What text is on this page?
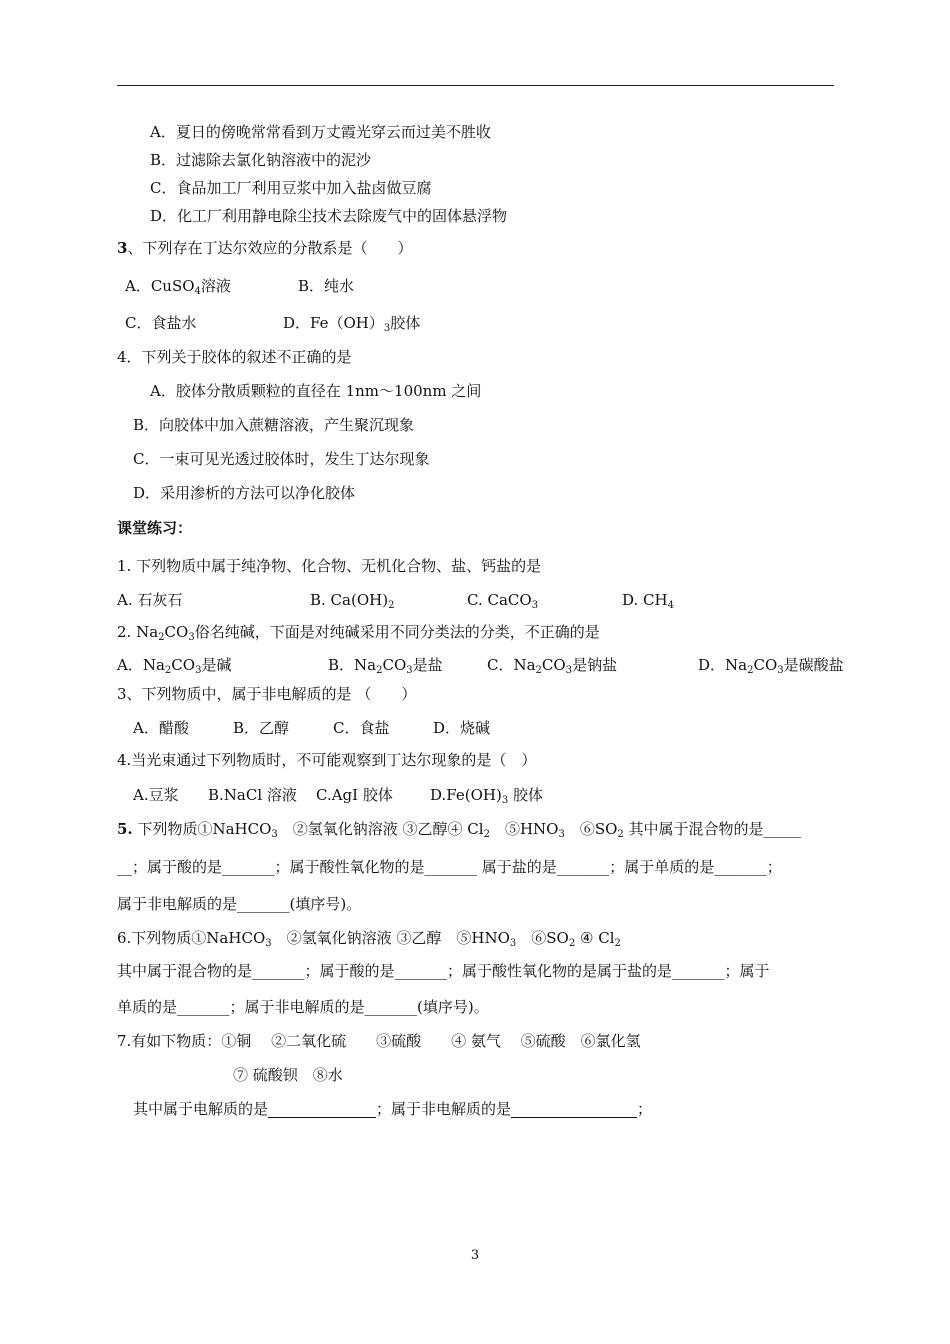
A．夏日的傍晚常常看到万丈霞光穿云而过美不胜收
B．过滤除去氯化钠溶液中的泥沙
C．食品加工厂利用豆浆中加入盐卤做豆腐
D．化工厂利用静电除尘技术去除废气中的固体悬浮物
3、下列存在丁达尔效应的分散系是（　　）
A．CuSO$_4$溶液	B．纯水
C．食盐水	D．$Fe(OH)_3$胶体
4．下列关于胶体的叙述不正确的是
A．胶体分散质颗粒的直径在 1nm～100nm 之间
B．向胶体中加入蔗糖溶液，产生聚沉现象
C．一束可见光透过胶体时，发生丁达尔现象
D．采用渗析的方法可以净化胶体
课堂练习：
1. 下列物质中属于纯净物、化合物、无机化合物、盐、钙盐的是
A. 石灰石	B. $Ca(OH)_2$	C. CaCO$_3$	D. $CH_4$
2. $Na_2CO_3$俗名纯碱，下面是对纯碱采用不同分类法的分类，不正确的是
A．$Na_2CO_3$是碱	B．$Na_2CO_3$是盐	C．$Na_2CO_3$是钠盐	D．$Na_2CO_3$是碳酸盐
3、下列物质中，属于非电解质的是 （　　）
A．醋酸	B．乙醇	C．食盐	D．烧碱
4.当光束通过下列物质时，不可能观察到丁达尔现象的是（　）
A.豆浆 B.NaCl 溶液 C.AgI 胶体 $D.Fe(OH)_3$ 胶体
5. 下列物质①NaHCO$_3$　②氢氧化钠溶液 ③乙醇④ $Cl_2$　$⑤HNO_3$　$⑥SO_2$ 其中属于混合物的是_____
__；属于酸的是_______；属于酸性氧化物的是_______ 属于盐的是_______；属于单质的是_______；
属于非电解质的是_______(填序号)。
6.下列物质①NaHCO$_3$　②氢氧化钠溶液 ③乙醇　$⑤HNO_3$　$⑥SO_2$ ④ $Cl_2$
其中属于混合物的是_______；属于酸的是_______；属于酸性氧化物的是属于盐的是_______；属于
单质的是_______；属于非电解质的是_______(填序号)。
7.有如下物质：①铜　 ②二氧化硫　　③硫酸　　④ 氨气　 ⑤硫酸　⑥氯化氢
⑦ 硫酸钡　⑧水
其中属于电解质的是	；属于非电解质的是	；
3
